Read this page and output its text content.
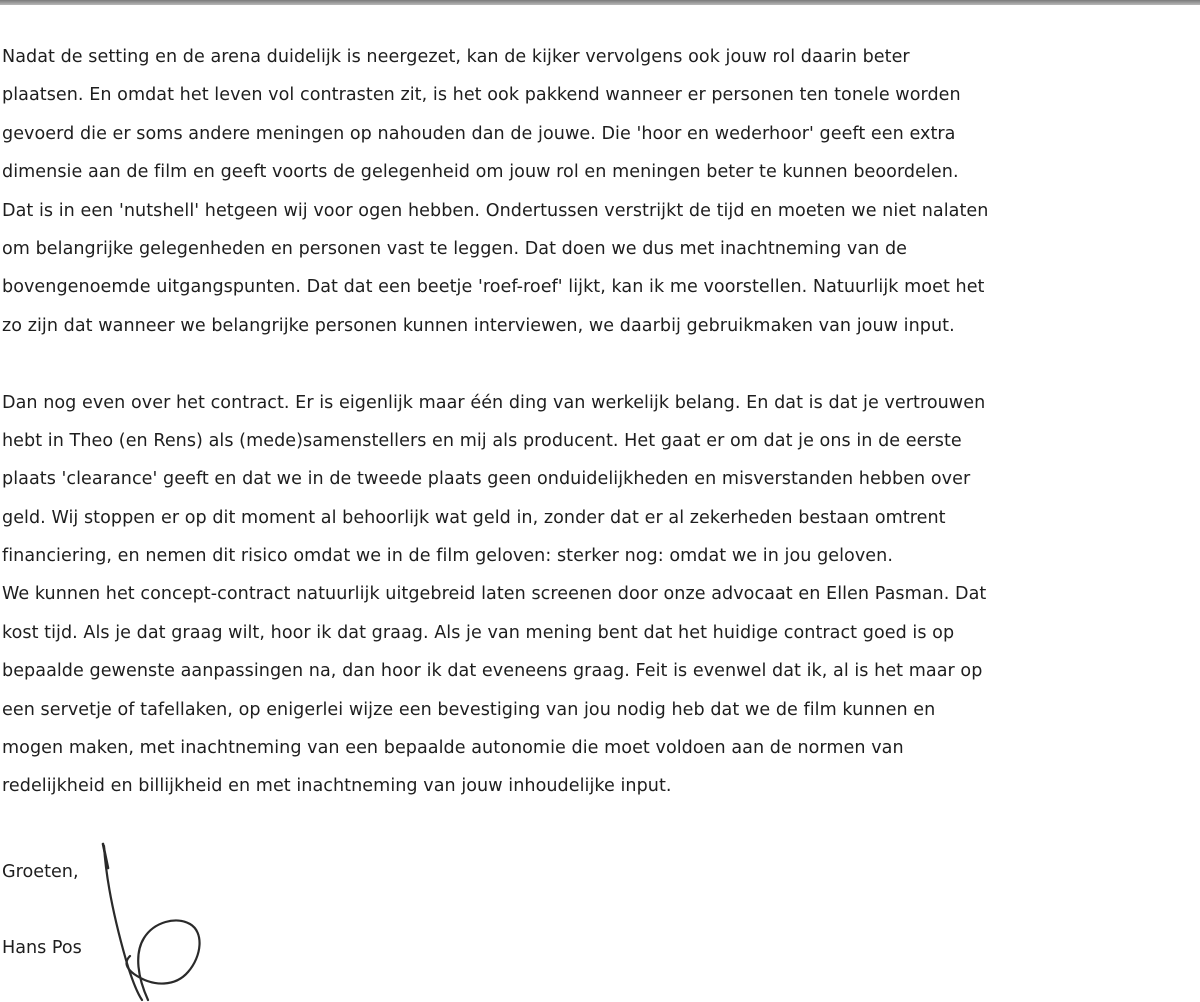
Nadat de setting en de arena duidelijk is neergezet, kan de kijker vervolgens ook jouw rol daarin beter
plaatsen. En omdat het leven vol contrasten zit, is het ook pakkend wanneer er personen ten tonele worden
gevoerd die er soms andere meningen op nahouden dan de jouwe. Die 'hoor en wederhoor' geeft een extra
dimensie aan de film en geeft voorts de gelegenheid om jouw rol en meningen beter te kunnen beoordelen.
Dat is in een 'nutshell' hetgeen wij voor ogen hebben. Ondertussen verstrijkt de tijd en moeten we niet nalaten
om belangrijke gelegenheden en personen vast te leggen. Dat doen we dus met inachtneming van de
bovengenoemde uitgangspunten. Dat dat een beetje 'roef-roef' lijkt, kan ik me voorstellen. Natuurlijk moet het
zo zijn dat wanneer we belangrijke personen kunnen interviewen, we daarbij gebruikmaken van jouw input.
Dan nog even over het contract. Er is eigenlijk maar één ding van werkelijk belang. En dat is dat je vertrouwen
hebt in Theo (en Rens) als (mede)samenstellers en mij als producent. Het gaat er om dat je ons in de eerste
plaats 'clearance' geeft en dat we in de tweede plaats geen onduidelijkheden en misverstanden hebben over
geld. Wij stoppen er op dit moment al behoorlijk wat geld in, zonder dat er al zekerheden bestaan omtrent
financiering, en nemen dit risico omdat we in de film geloven: sterker nog: omdat we in jou geloven.
We kunnen het concept-contract natuurlijk uitgebreid laten screenen door onze advocaat en Ellen Pasman. Dat
kost tijd. Als je dat graag wilt, hoor ik dat graag. Als je van mening bent dat het huidige contract goed is op
bepaalde gewenste aanpassingen na, dan hoor ik dat eveneens graag. Feit is evenwel dat ik, al is het maar op
een servetje of tafellaken, op enigerlei wijze een bevestiging van jou nodig heb dat we de film kunnen en
mogen maken, met inachtneming van een bepaalde autonomie die moet voldoen aan de normen van
redelijkheid en billijkheid en met inachtneming van jouw inhoudelijke input.
Groeten,
Hans Pos
